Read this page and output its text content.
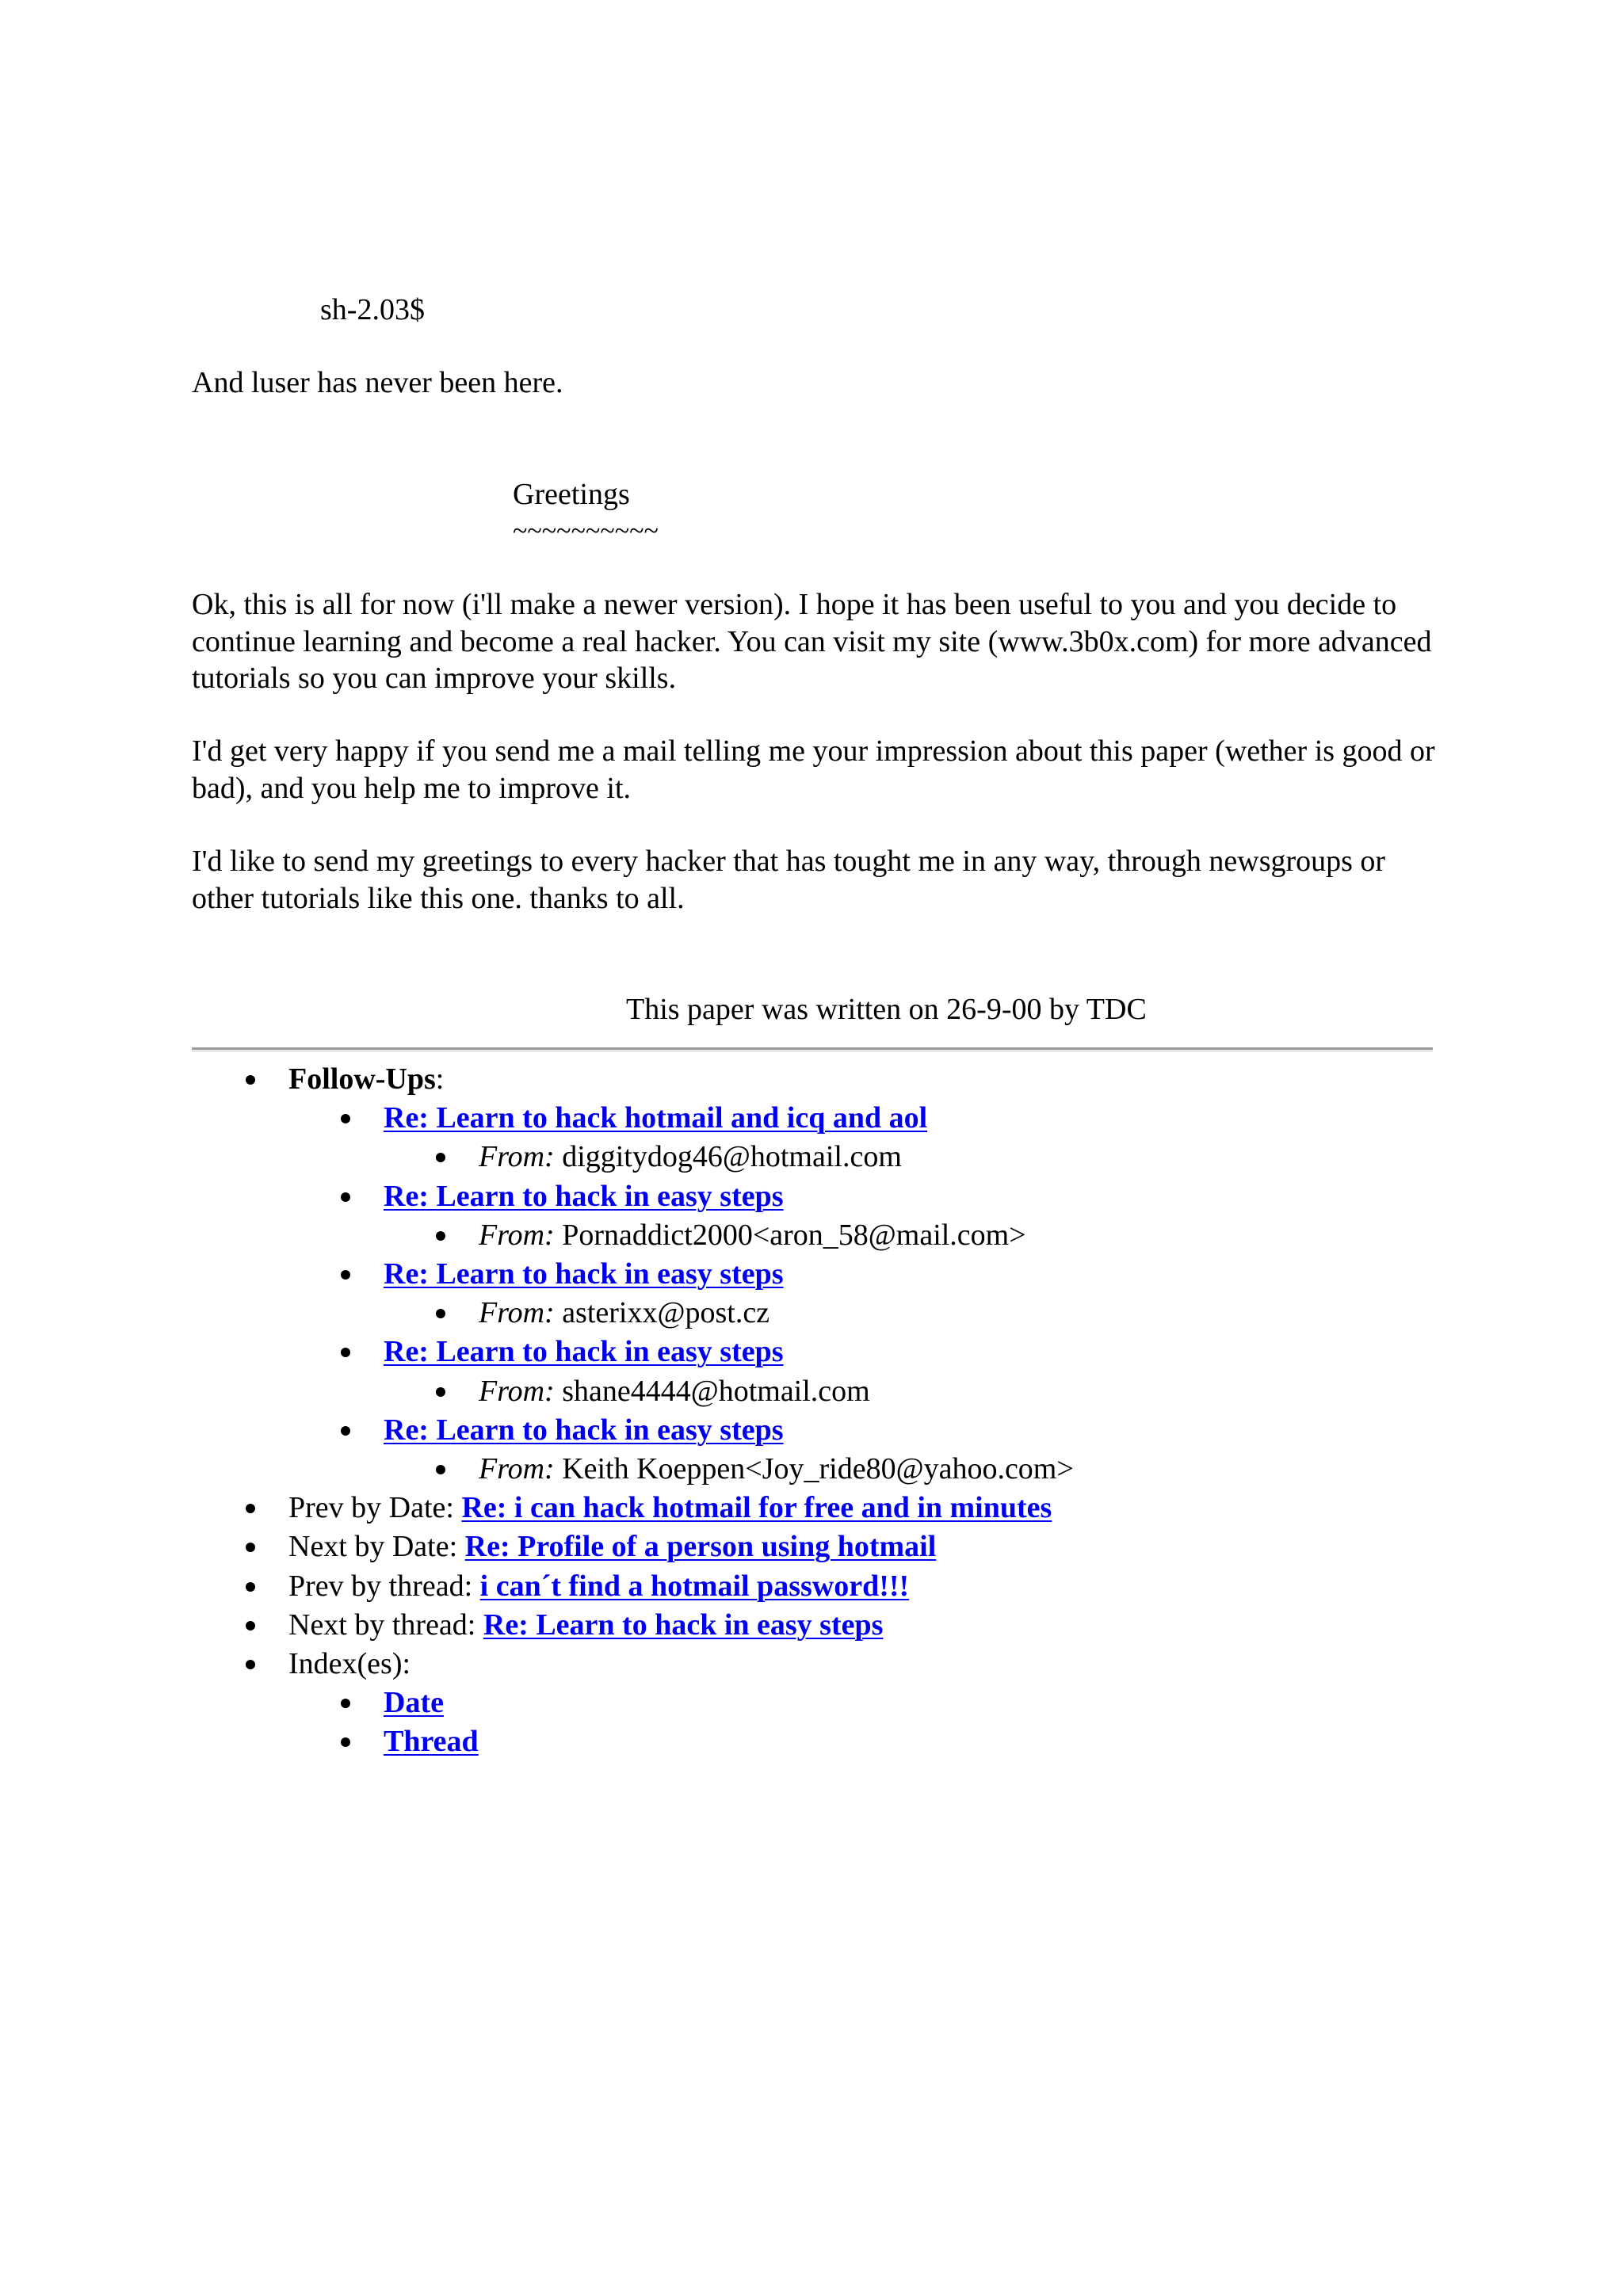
sh-2.03$
And luser has never been here.
Greetings
~~~~~~~~~~
Ok, this is all for now (i'll make a newer version). I hope it has been useful to you and you decide to continue learning and become a real hacker. You can visit my site (www.3b0x.com) for more advanced tutorials so you can improve your skills.
I'd get very happy if you send me a mail telling me your impression about this paper (wether is good or bad), and you help me to improve it.
I'd like to send my greetings to every hacker that has tought me in any way, through newsgroups or other tutorials like this one. thanks to all.
This paper was written on 26-9-00 by TDC
Follow-Ups:
Re: Learn to hack hotmail and icq and aol
From: diggitydog46@hotmail.com
Re: Learn to hack in easy steps
From: Pornaddict2000<aron_58@mail.com>
Re: Learn to hack in easy steps
From: asterixx@post.cz
Re: Learn to hack in easy steps
From: shane4444@hotmail.com
Re: Learn to hack in easy steps
From: Keith Koeppen<Joy_ride80@yahoo.com>
Prev by Date: Re: i can hack hotmail for free and in minutes
Next by Date: Re: Profile of a person using hotmail
Prev by thread: i can´t find a hotmail password!!!
Next by thread: Re: Learn to hack in easy steps
Index(es):
Date
Thread
